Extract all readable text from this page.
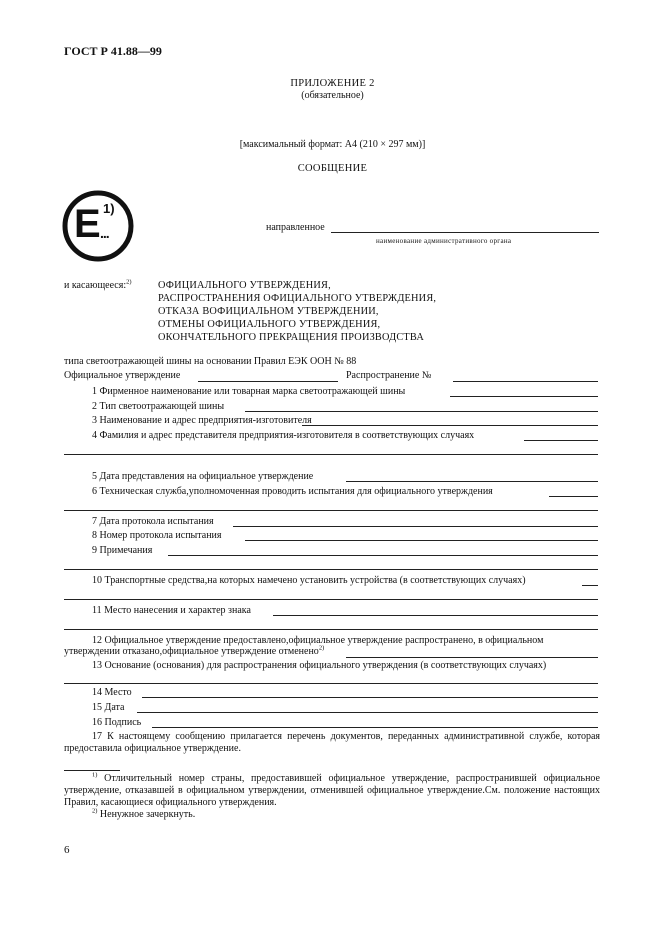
ГОСТ Р 41.88—99
ПРИЛОЖЕНИЕ 2
(обязательное)
[максимальный формат: А4 (210 × 297 мм)]
СООБЩЕНИЕ
E 1)
...	направленное
наименование административного органа
и касающееся:$^{2)}$	ОФИЦИАЛЬНОГО УТВЕРЖДЕНИЯ,
РАСПРОСТРАНЕНИЯ ОФИЦИАЛЬНОГО УТВЕРЖДЕНИЯ,
ОТКАЗА ВОФИЦИАЛЬНОМ УТВЕРЖДЕНИИ,
ОТМЕНЫ ОФИЦИАЛЬНОГО УТВЕРЖДЕНИЯ,
ОКОНЧАТЕЛЬНОГО ПРЕКРАЩЕНИЯ ПРОИЗВОДСТВА
типа светоотражающей шины на основании Правил ЕЭК ООН № 88
Официальное утверждение	Распространение №
1 Фирменное наименование или товарная марка светоотражающей шины
2 Тип светоотражающей шины
3 Наименование и адрес предприятия-изготовителя
4 Фамилия и адрес представителя предприятия-изготовителя в соответствующих случаях
5 Дата представления на официальное утверждение
6 Техническая служба,уполномоченная проводить испытания для официального утверждения
7 Дата протокола испытания
8 Номер протокола испытания
9 Примечания
10 Транспортные средства,на которых намечено установить устройства (в соответствующих случаях)
11 Место нанесения и характер знака
12 Официальное утверждение предоставлено,официальное утверждение распространено, в официальном
утверждении отказано,официальное утверждение отменено$^{2)}$
13 Основание (основания) для распространения официального утверждения (в соответствующих случаях)
14 Место
15 Дата
16 Подпись
17 К настоящему сообщению прилагается перечень документов, переданных административной службе, которая предоставила официальное утверждение.
$^{1)}$ Отличительный номер страны, предоставившей официальное утверждение, распространившей официальное утверждение, отказавшей в официальном утверждении, отменившей официальное утверждение.См. положение настоящих Правил, касающиеся официального утверждения.
$^{2)}$ Ненужное зачеркнуть.
6
